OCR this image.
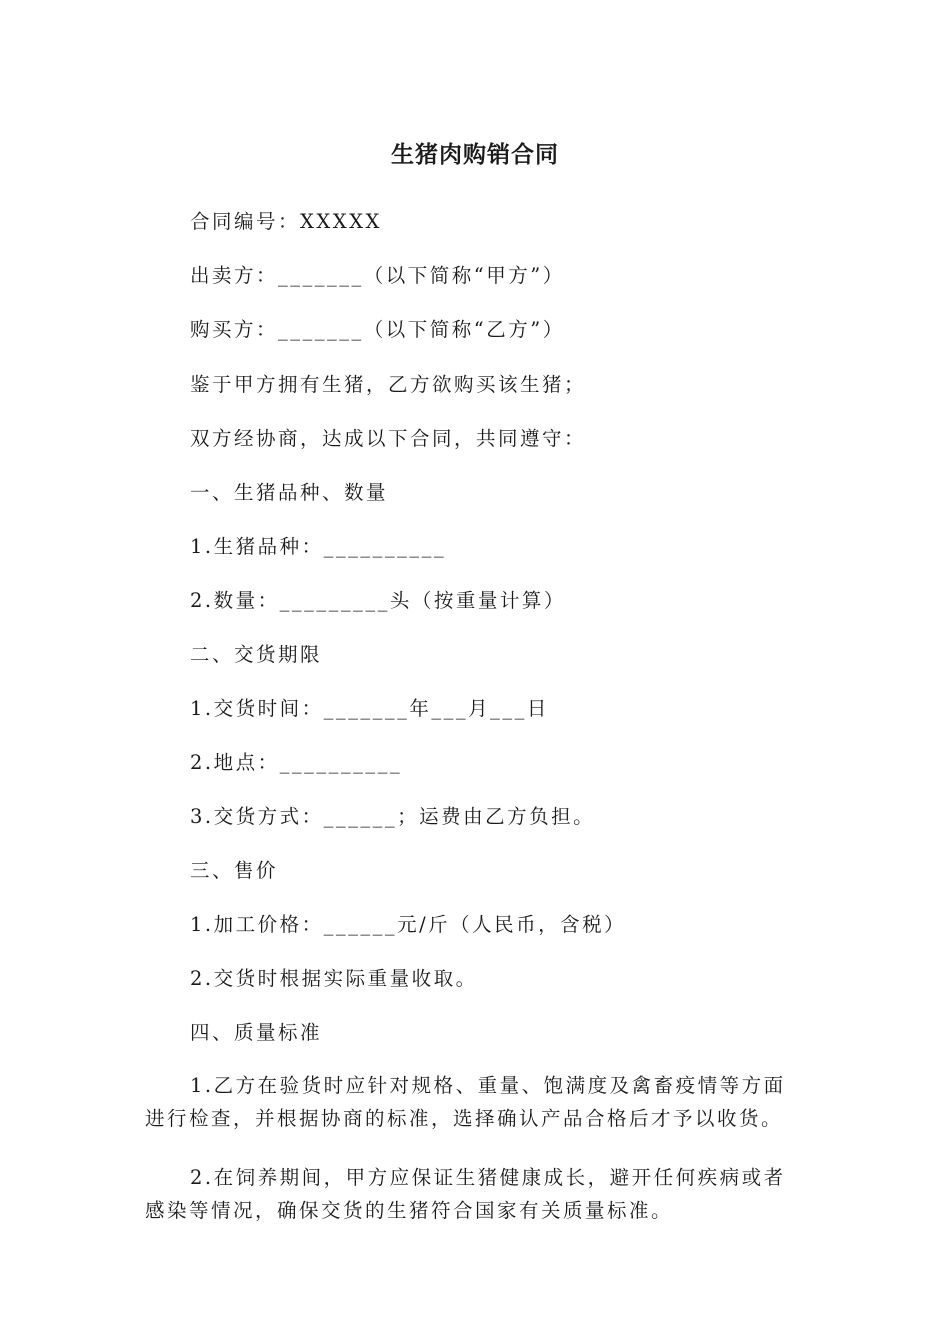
生猪肉购销合同
合同编号：XXXXX
出卖方：_______（以下简称“甲方”）
购买方：_______（以下简称“乙方”）
鉴于甲方拥有生猪，乙方欲购买该生猪；
双方经协商，达成以下合同，共同遵守：
一、生猪品种、数量
1.生猪品种：__________
2.数量：_________头（按重量计算）
二、交货期限
1.交货时间：_______年___月___日
2.地点：__________
3.交货方式：______；运费由乙方负担。
三、售价
1.加工价格：______元/斤（人民币，含税）
2.交货时根据实际重量收取。
四、质量标准
1.乙方在验货时应针对规格、重量、饱满度及禽畜疫情等方面进行检查，并根据协商的标准，选择确认产品合格后才予以收货。
2.在饲养期间，甲方应保证生猪健康成长，避开任何疾病或者感染等情况，确保交货的生猪符合国家有关质量标准。
